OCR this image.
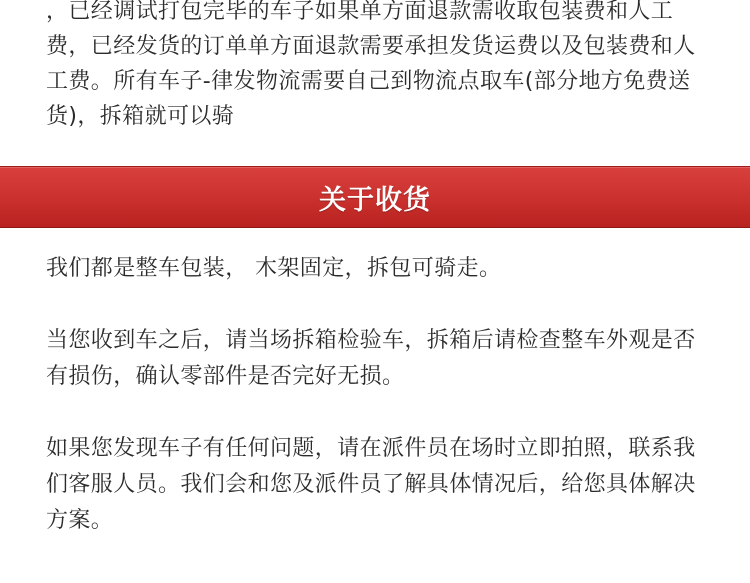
，已经调试打包完毕的车子如果单方面退款需收取包装费和人工费，已经发货的订单单方面退款需要承担发货运费以及包装费和人工费。所有车子-律发物流需要自己到物流点取车(部分地方免费送货)，拆箱就可以骑

关于收货

我们都是整车包装， 木架固定，拆包可骑走。

当您收到车之后，请当场拆箱检验车，拆箱后请检查整车外观是否有损伤，确认零部件是否完好无损。

如果您发现车子有任何问题，请在派件员在场时立即拍照，联系我们客服人员。我们会和您及派件员了解具体情况后，给您具体解决方案。
